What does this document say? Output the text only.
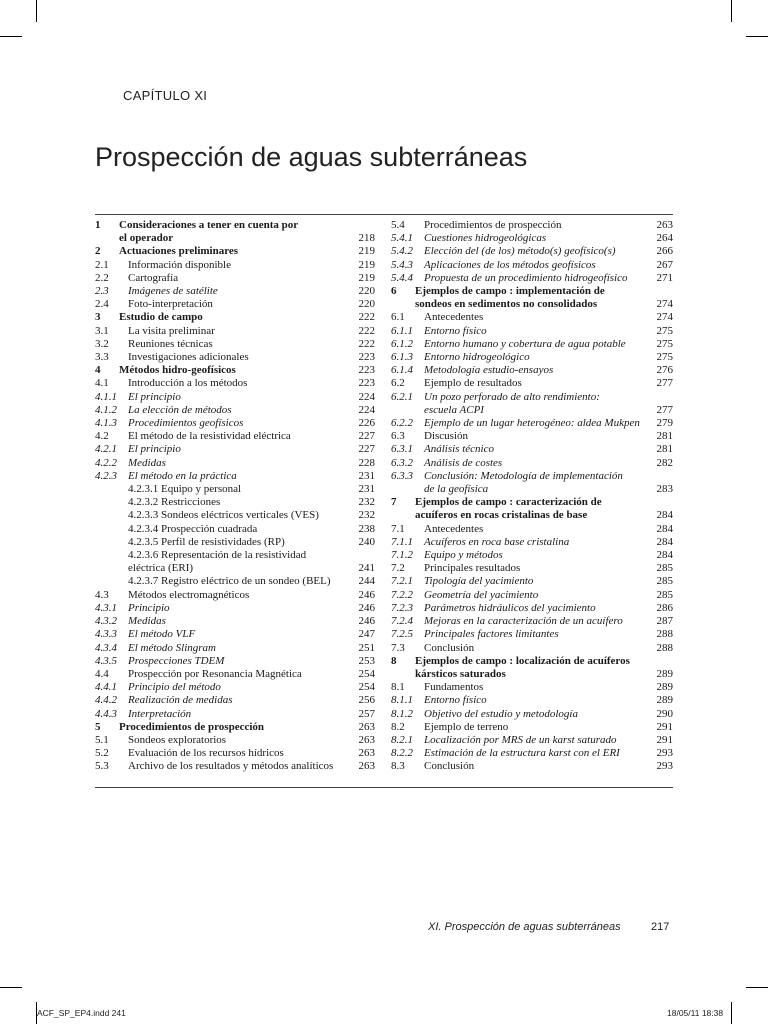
CAPÍTULO XI
Prospección de aguas subterráneas
1	Consideraciones a tener en cuenta por
el operador	218
2	Actuaciones preliminares	219
2.1	Información disponible	219
2.2	Cartografía	219
2.3	Imágenes de satélite	220
2.4	Foto-interpretación	220
3	Estudio de campo	222
3.1	La visita preliminar	222
3.2	Reuniones técnicas	222
3.3	Investigaciones adicionales	223
4	Métodos hidro-geofísicos	223
4.1	Introducción a los métodos	223
4.1.1	El principio	224
4.1.2	La elección de métodos	224
4.1.3	Procedimientos geofísicos	226
4.2	El método de la resistividad eléctrica	227
4.2.1	El principio	227
4.2.2	Medidas	228
4.2.3	El método en la práctica	231
4.2.3.1 Equipo y personal	231
4.2.3.2 Restricciones	232
4.2.3.3 Sondeos eléctricos verticales (VES)	232
4.2.3.4 Prospección cuadrada	238
4.2.3.5 Perfil de resistividades (RP)	240
4.2.3.6 Representación de la resistividad
eléctrica (ERI)	241
4.2.3.7 Registro eléctrico de un sondeo (BEL)	244
4.3	Métodos electromagnéticos	246
4.3.1	Principio	246
4.3.2	Medidas	246
4.3.3	El método VLF	247
4.3.4	El método Slingram	251
4.3.5	Prospecciones TDEM	253
4.4	Prospección por Resonancia Magnética	254
4.4.1	Principio del método	254
4.4.2	Realización de medidas	256
4.4.3	Interpretación	257
5	Procedimientos de prospección	263
5.1	Sondeos exploratorios	263
5.2	Evaluación de los recursos hídricos	263
5.3	Archivo de los resultados y métodos analíticos	263
5.4	Procedimientos de prospección	263
5.4.1	Cuestiones hidrogeológicas	264
5.4.2	Elección del (de los) método(s) geofísico(s)	266
5.4.3	Aplicaciones de los métodos geofísicos	267
5.4.4	Propuesta de un procedimiento hidrogeofísico	271
6	Ejemplos de campo : implementación de
sondeos en sedimentos no consolidados	274
6.1	Antecedentes	274
6.1.1	Entorno físico	275
6.1.2	Entorno humano y cobertura de agua potable	275
6.1.3	Entorno hidrogeológico	275
6.1.4	Metodología estudio-ensayos	276
6.2	Ejemplo de resultados	277
6.2.1	Un pozo perforado de alto rendimiento:
escuela ACPI	277
6.2.2	Ejemplo de un lugar heterogéneo: aldea Mukpen	279
6.3	Discusión	281
6.3.1	Análisis técnico	281
6.3.2	Análisis de costes	282
6.3.3	Conclusión: Metodología de implementación
de la geofísica	283
7	Ejemplos de campo : caracterización de
acuíferos en rocas cristalinas de base	284
7.1	Antecedentes	284
7.1.1	Acuíferos en roca base cristalina	284
7.1.2	Equipo y métodos	284
7.2	Principales resultados	285
7.2.1	Tipología del yacimiento	285
7.2.2	Geometría del yacimiento	285
7.2.3	Parámetros hidráulicos del yacimiento	286
7.2.4	Mejoras en la caracterización de un acuífero	287
7.2.5	Principales factores limitantes	288
7.3	Conclusión	288
8	Ejemplos de campo : localización de acuíferos
kársticos saturados	289
8.1	Fundamentos	289
8.1.1	Entorno físico	289
8.1.2	Objetivo del estudio y metodología	290
8.2	Ejemplo de terreno	291
8.2.1	Localización por MRS de un karst saturado	291
8.2.2	Estimación de la estructura karst con el ERI	293
8.3	Conclusión	293
XI. Prospección de aguas subterráneas	217
ACF_SP_EP4.indd 241	18/05/11 18:38
